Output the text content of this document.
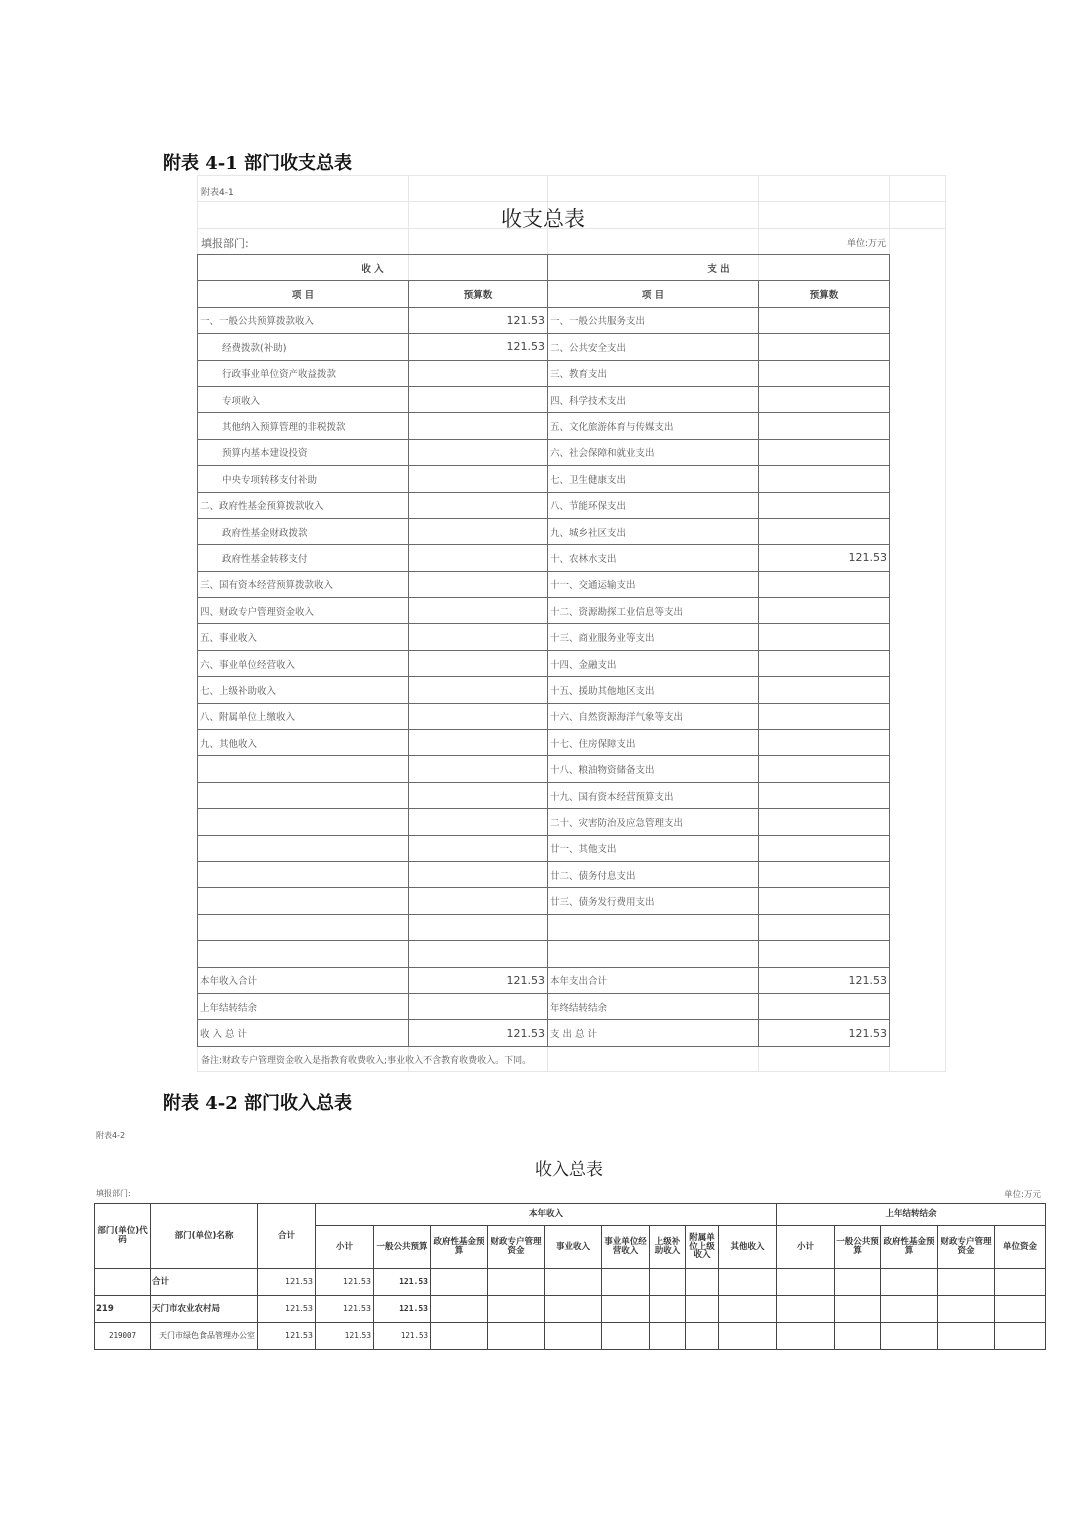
附表 4-1 部门收支总表
附表4-1
收支总表
填报部门:	单位:万元
收 入		支 出	
项 目	预算数	项 目	预算数
一、一般公共预算拨款收入	121.53	一、一般公共服务支出	
经费拨款(补助)	121.53	二、公共安全支出	
行政事业单位资产收益拨款		三、教育支出	
专项收入		四、科学技术支出	
其他纳入预算管理的非税拨款		五、文化旅游体育与传媒支出	
预算内基本建设投资		六、社会保障和就业支出	
中央专项转移支付补助		七、卫生健康支出	
二、政府性基金预算拨款收入		八、节能环保支出	
政府性基金财政拨款		九、城乡社区支出	
政府性基金转移支付		十、农林水支出	121.53
三、国有资本经营预算拨款收入		十一、交通运输支出	
四、财政专户管理资金收入		十二、资源勘探工业信息等支出	
五、事业收入		十三、商业服务业等支出	
六、事业单位经营收入		十四、金融支出	
七、上级补助收入		十五、援助其他地区支出	
八、附属单位上缴收入		十六、自然资源海洋气象等支出	
九、其他收入		十七、住房保障支出	
		十八、粮油物资储备支出	
		十九、国有资本经营预算支出	
		二十、灾害防治及应急管理支出	
		廿一、其他支出	
		廿二、债务付息支出	
		廿三、债务发行费用支出	

本年收入合计	121.53	本年支出合计	121.53
上年结转结余		年终结转结余	
收 入 总 计	121.53	支 出 总 计	121.53
备注:财政专户管理资金收入是指教育收费收入;事业收入不含教育收费收入。下同。
附表 4-2 部门收入总表
附表4-2
收入总表
填报部门:	单位:万元
部门(单位)代码	部门(单位)名称	合计	本年收入									上年结转结余				
			小计	一般公共预算	政府性基金预算	财政专户管理资金	事业收入	事业单位经营收入	上级补助收入	附属单位上级收入	其他收入	小计	一般公共预算	政府性基金预算	财政专户管理资金	单位资金
	合计	121.53	121.53	121.53												
219	天门市农业农村局	121.53	121.53	121.53												
219007	天门市绿色食品管理办公室	121.53	121.53	121.53												
